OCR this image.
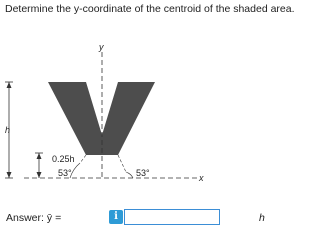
Determine the y-coordinate of the centroid of the shaded area.
y
x
h
0.25h
53°	53°
Answer: ȳ =	i	h
